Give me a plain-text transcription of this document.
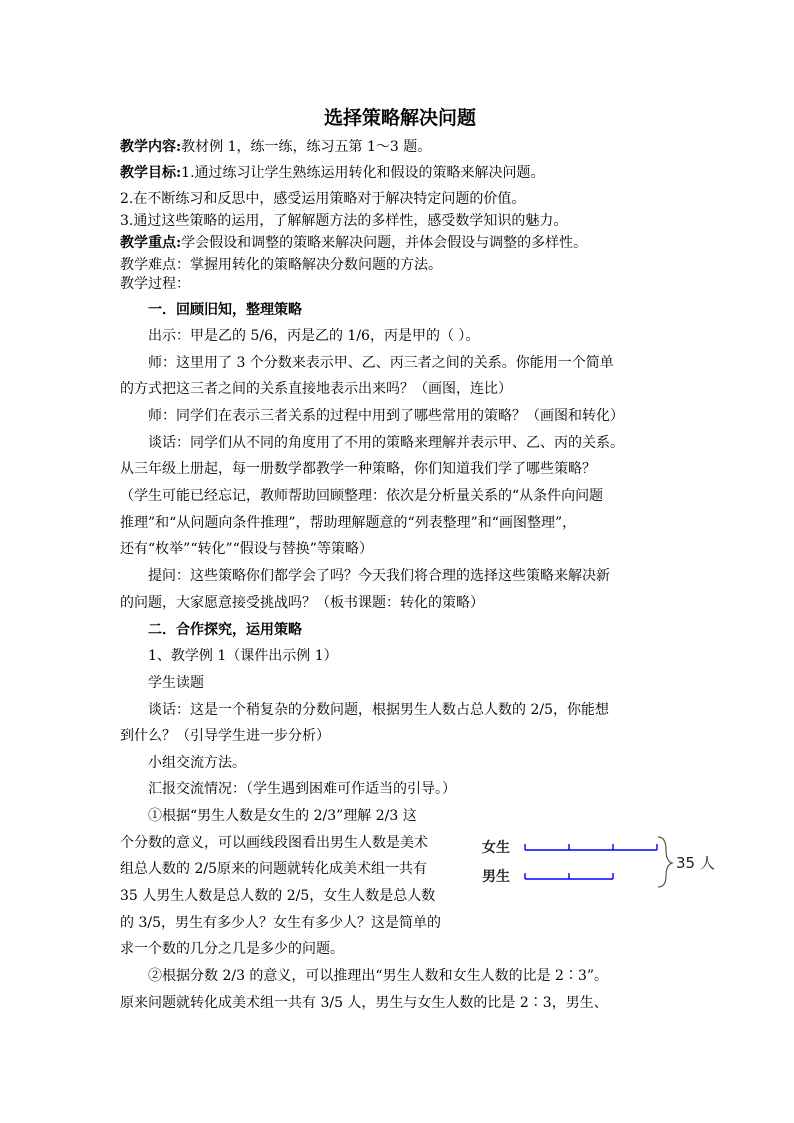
选择策略解决问题
教学内容:教材例 1，练一练，练习五第 1～3 题。
教学目标:1.通过练习让学生熟练运用转化和假设的策略来解决问题。
2.在不断练习和反思中，感受运用策略对于解决特定问题的价值。
3.通过这些策略的运用，了解解题方法的多样性，感受数学知识的魅力。
教学重点:学会假设和调整的策略来解决问题，并体会假设与调整的多样性。
教学难点：掌握用转化的策略解决分数问题的方法。
教学过程：
一．回顾旧知，整理策略
出示：甲是乙的 5/6，丙是乙的 1/6，丙是甲的（ ）。
师：这里用了 3 个分数来表示甲、乙、丙三者之间的关系。你能用一个简单
的方式把这三者之间的关系直接地表示出来吗？（画图，连比）
师：同学们在表示三者关系的过程中用到了哪些常用的策略？（画图和转化）
谈话：同学们从不同的角度用了不用的策略来理解并表示甲、乙、丙的关系。
从三年级上册起，每一册数学都教学一种策略，你们知道我们学了哪些策略？
（学生可能已经忘记，教师帮助回顾整理：依次是分析量关系的“从条件向问题
推理”和“从问题向条件推理”，帮助理解题意的“列表整理”和“画图整理”，
还有“枚举”“转化”“假设与替换”等策略）
提问：这些策略你们都学会了吗？今天我们将合理的选择这些策略来解决新
的问题，大家愿意接受挑战吗？（板书课题：转化的策略）
二．合作探究，运用策略
1、教学例 1（课件出示例 1）
学生读题
谈话：这是一个稍复杂的分数问题，根据男生人数占总人数的 2/5，你能想
到什么？（引导学生进一步分析）
小组交流方法。
汇报交流情况：（学生遇到困难可作适当的引导。）
①根据“男生人数是女生的 2/3”理解 2/3 这
个分数的意义，可以画线段图看出男生人数是美术
组总人数的 2/5原来的问题就转化成美术组一共有
35 人男生人数是总人数的 2/5，女生人数是总人数
的 3/5，男生有多少人？女生有多少人？这是简单的
求一个数的几分之几是多少的问题。
②根据分数 2/3 的意义，可以推理出“男生人数和女生人数的比是 2∶3”。
原来问题就转化成美术组一共有 3/5 人，男生与女生人数的比是 2∶3，男生、
女生
男生
35 人
